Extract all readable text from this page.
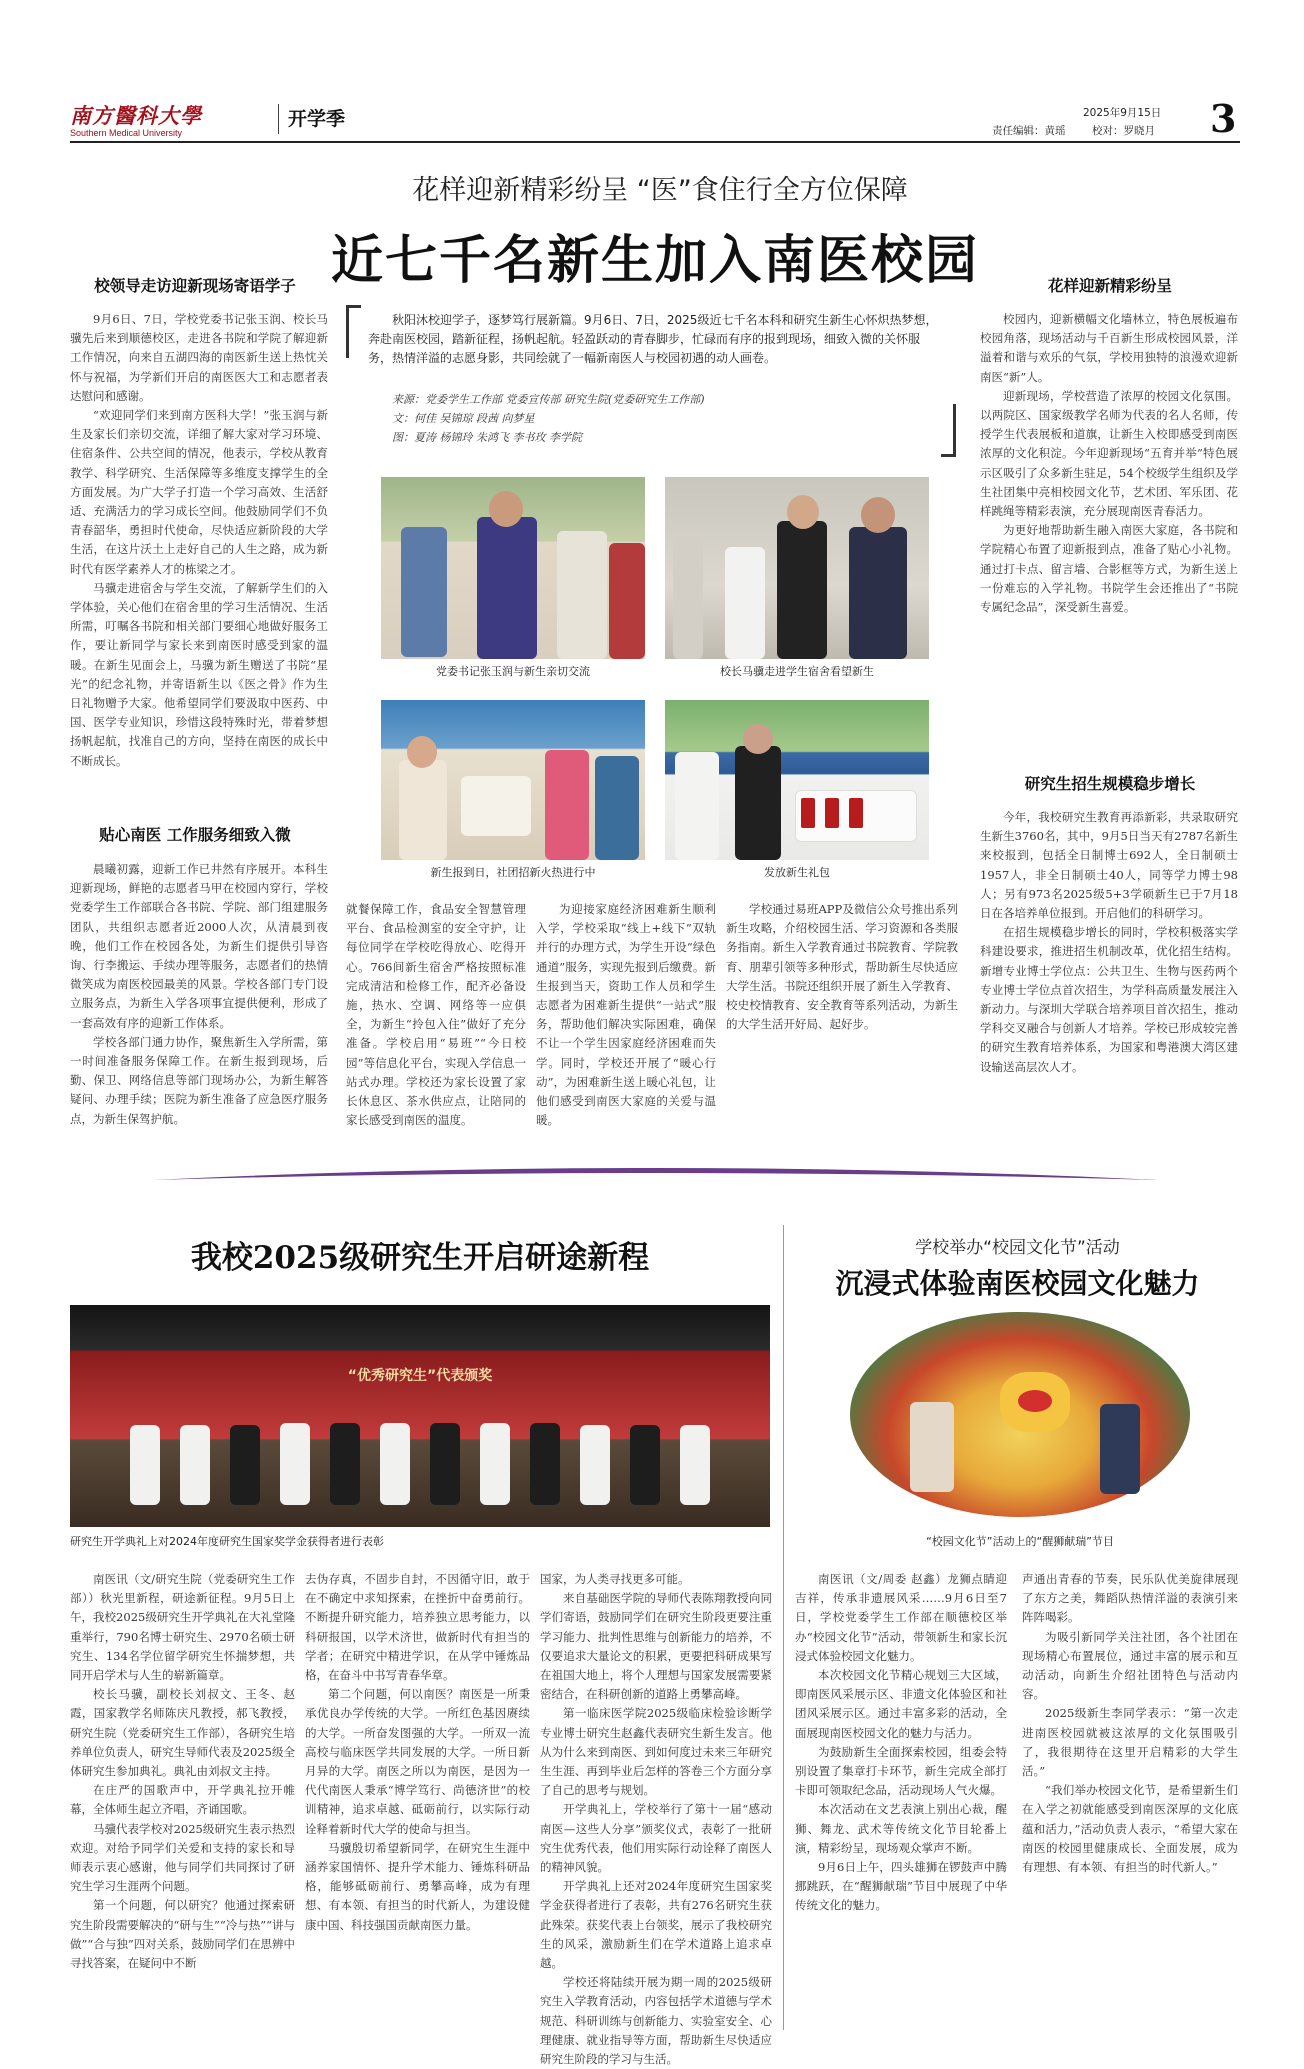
南方醫科大學
Southern Medical University
开学季	2025年9月15日
责任编辑：黄瑶	校对：罗晓月 3
花样迎新精彩纷呈 “医”食住行全方位保障
近七千名新生加入南医校园
校领导走访迎新现场寄语学子

9月6日、7日，学校党委书记张玉润、校长马骥先后来到顺德校区，走进各书院和学院了解迎新工作情况，向来自五湖四海的南医新生送上热忱关怀与祝福，为学新们开启的南医医大工和志愿者表达慰问和感谢。

“欢迎同学们来到南方医科大学！”张玉润与新生及家长们亲切交流，详细了解大家对学习环境、住宿条件、公共空间的情况，他表示，学校从教育教学、科学研究、生活保障等多维度支撑学生的全方面发展。为广大学子打造一个学习高效、生活舒适、充满活力的学习成长空间。他鼓励同学们不负青春韶华，勇担时代使命，尽快适应新阶段的大学生活，在这片沃土上走好自己的人生之路，成为新时代有医学素养人才的栋梁之才。

马骥走进宿舍与学生交流，了解新学生们的入学体验，关心他们在宿舍里的学习生活情况、生活所需，叮嘱各书院和相关部门要细心地做好服务工作，要让新同学与家长来到南医时感受到家的温暖。在新生见面会上，马骥为新生赠送了书院“星光”的纪念礼物，并寄语新生以《医之骨》作为生日礼物赠予大家。他希望同学们要汲取中医药、中国、医学专业知识，珍惜这段特殊时光，带着梦想扬帆起航，找准自己的方向，坚持在南医的成长中不断成长。

贴心南医 工作服务细致入微

晨曦初露，迎新工作已井然有序展开。本科生迎新现场，鲜艳的志愿者马甲在校园内穿行，学校党委学生工作部联合各书院、学院、部门组建服务团队，共组织志愿者近2000人次，从清晨到夜晚，他们工作在校园各处，为新生们提供引导咨询、行李搬运、手续办理等服务，志愿者们的热情微笑成为南医校园最美的风景。学校各部门专门设立服务点，为新生入学各项事宜提供便利，形成了一套高效有序的迎新工作体系。

学校各部门通力协作，聚焦新生入学所需，第一时间准备服务保障工作。在新生报到现场，后勤、保卫、网络信息等部门现场办公，为新生解答疑问、办理手续；医院为新生准备了应急医疗服务点，为新生保驾护航。

秋阳沐校迎学子，逐梦笃行展新篇。9月6日、7日，2025级近七千名本科和研究生新生心怀炽热梦想，奔赴南医校园，踏新征程，扬帆起航。轻盈跃动的青春脚步，忙碌而有序的报到现场，细致入微的关怀服务，热情洋溢的志愿身影，共同绘就了一幅新南医人与校园初遇的动人画卷。
来源：党委学生工作部 党委宣传部 研究生院(党委研究生工作部)
文：何佳 吴锦琼 段茜 向梦星
图：夏涛 杨锦玲 朱鸿飞 李书玫 李学院
党委书记张玉润与新生亲切交流	校长马骥走进学生宿舍看望新生
新生报到日，社团招新火热进行中	发放新生礼包

就餐保障工作，食品安全智慧管理平台、食品检测室的安全守护，让每位同学在学校吃得放心、吃得开心。766间新生宿舍严格按照标准完成清洁和检修工作，配齐必备设施，热水、空调、网络等一应俱全，为新生“拎包入住”做好了充分准备。学校启用“易班”“今日校园”等信息化平台，实现入学信息一站式办理。学校还为家长设置了家长休息区、茶水供应点，让陪同的家长感受到南医的温度。

为迎接家庭经济困难新生顺利入学，学校采取“线上+线下”双轨并行的办理方式，为学生开设“绿色通道”服务，实现先报到后缴费。新生报到当天，资助工作人员和学生志愿者为困难新生提供“一站式”服务，帮助他们解决实际困难，确保不让一个学生因家庭经济困难而失学。同时，学校还开展了“暖心行动”，为困难新生送上暖心礼包，让他们感受到南医大家庭的关爱与温暖。

学校通过易班APP及微信公众号推出系列新生攻略，介绍校园生活、学习资源和各类服务指南。新生入学教育通过书院教育、学院教育、朋辈引领等多种形式，帮助新生尽快适应大学生活。书院还组织开展了新生入学教育、校史校情教育、安全教育等系列活动，为新生的大学生活开好局、起好步。

花样迎新精彩纷呈

校园内，迎新横幅文化墙林立，特色展板遍布校园角落，现场活动与千百新生形成校园风景，洋溢着和谐与欢乐的气氛，学校用独特的浪漫欢迎新南医“新”人。

迎新现场，学校营造了浓厚的校园文化氛围。以两院区、国家级教学名师为代表的名人名师，传授学生代表展板和道旗，让新生入校即感受到南医浓厚的文化积淀。今年迎新现场“五育并举”特色展示区吸引了众多新生驻足，54个校级学生组织及学生社团集中亮相校园文化节，艺术团、军乐团、花样跳绳等精彩表演，充分展现南医青春活力。

为更好地帮助新生融入南医大家庭，各书院和学院精心布置了迎新报到点，准备了贴心小礼物。通过打卡点、留言墙、合影框等方式，为新生送上一份难忘的入学礼物。书院学生会还推出了“书院专属纪念品”，深受新生喜爱。

研究生招生规模稳步增长

今年，我校研究生教育再添新彩，共录取研究生新生3760名，其中，9月5日当天有2787名新生来校报到，包括全日制博士692人，全日制硕士1957人，非全日制硕士40人，同等学力博士98人；另有973名2025级5+3学硕新生已于7月18日在各培养单位报到。开启他们的科研学习。

在招生规模稳步增长的同时，学校积极落实学科建设要求，推进招生机制改革，优化招生结构。新增专业博士学位点：公共卫生、生物与医药两个专业博士学位点首次招生，为学科高质量发展注入新动力。与深圳大学联合培养项目首次招生，推动学科交叉融合与创新人才培养。学校已形成较完善的研究生教育培养体系，为国家和粤港澳大湾区建设输送高层次人才。

我校2025级研究生开启研途新程
“优秀研究生”代表颁奖
研究生开学典礼上对2024年度研究生国家奖学金获得者进行表彰

南医讯（文/研究生院（党委研究生工作部））秋光里新程，研途新征程。9月5日上午，我校2025级研究生开学典礼在大礼堂隆重举行，790名博士研究生、2970名硕士研究生、134名学位留学研究生怀揣梦想，共同开启学术与人生的崭新篇章。

校长马骥，副校长刘叔文、王冬、赵霞，国家教学名师陈庆凡教授，郝飞教授，研究生院（党委研究生工作部），各研究生培养单位负责人，研究生导师代表及2025级全体研究生参加典礼。典礼由刘叔文主持。

在庄严的国歌声中，开学典礼拉开帷幕，全体师生起立齐唱，齐诵国歌。

马骥代表学校对2025级研究生表示热烈欢迎。对给予同学们关爱和支持的家长和导师表示衷心感谢，他与同学们共同探讨了研究生学习生涯两个问题。

第一个问题，何以研究？他通过探索研究生阶段需要解决的“研与生”“冷与热”“讲与做”“合与独”四对关系，鼓励同学们在思辨中寻找答案，在疑问中不断

去伪存真，不固步自封，不因循守旧，敢于在不确定中求知探索，在挫折中奋勇前行。不断提升研究能力，培养独立思考能力，以科研报国，以学术济世，做新时代有担当的学者；在研究中精进学识，在从学中锤炼品格，在奋斗中书写青春华章。

第二个问题，何以南医？南医是一所秉承优良办学传统的大学。一所红色基因赓续的大学。一所奋发图强的大学。一所双一流高校与临床医学共同发展的大学。一所日新月异的大学。南医之所以为南医，是因为一代代南医人秉承“博学笃行、尚德济世”的校训精神，追求卓越、砥砺前行，以实际行动诠释着新时代大学的使命与担当。

马骥殷切希望新同学，在研究生生涯中涵养家国情怀、提升学术能力、锤炼科研品格，能够砥砺前行、勇攀高峰，成为有理想、有本领、有担当的时代新人，为建设健康中国、科技强国贡献南医力量。

学校举办“校园文化节”活动
沉浸式体验南医校园文化魅力
“校园文化节”活动上的“醒狮献瑞”节目

南医讯（文/周委 赵鑫）龙狮点睛迎吉祥，传承非遗展风采……9月6日至7日，学校党委学生工作部在顺德校区举办“校园文化节”活动，带领新生和家长沉浸式体验校园文化魅力。

本次校园文化节精心规划三大区域，即南医风采展示区、非遗文化体验区和社团风采展示区。通过丰富多彩的活动，全面展现南医校园文化的魅力与活力。

为鼓励新生全面探索校园，组委会特别设置了集章打卡环节，新生完成全部打卡即可领取纪念品，活动现场人气火爆。

本次活动在文艺表演上别出心裁，醒狮、舞龙、武术等传统文化节目轮番上演，精彩纷呈，现场观众掌声不断。

9月6日上午，四头雄狮在锣鼓声中腾挪跳跃，在“醒狮献瑞”节目中展现了中华传统文化的魅力。

声通出青春的节奏，民乐队优美旋律展现了东方之美，舞蹈队热情洋溢的表演引来阵阵喝彩。

为吸引新同学关注社团，各个社团在现场精心布置展位，通过丰富的展示和互动活动，向新生介绍社团特色与活动内容。

2025级新生李同学表示：“第一次走进南医校园就被这浓厚的文化氛围吸引了，我很期待在这里开启精彩的大学生活。”

“我们举办校园文化节，是希望新生们在入学之初就能感受到南医深厚的文化底蕴和活力，”活动负责人表示，“希望大家在南医的校园里健康成长、全面发展，成为有理想、有本领、有担当的时代新人。”

国家，为人类寻找更多可能。

来自基础医学院的导师代表陈翔教授向同学们寄语，鼓励同学们在研究生阶段更要注重学习能力、批判性思维与创新能力的培养，不仅要追求大量论文的积累，更要把科研成果写在祖国大地上，将个人理想与国家发展需要紧密结合，在科研创新的道路上勇攀高峰。

第一临床医学院2025级临床检验诊断学专业博士研究生赵鑫代表研究生新生发言。他从为什么来到南医、到如何度过未来三年研究生生涯、再到毕业后怎样的答卷三个方面分享了自己的思考与规划。

开学典礼上，学校举行了第十一届“感动南医—这些人分享”颁奖仪式，表彰了一批研究生优秀代表，他们用实际行动诠释了南医人的精神风貌。

开学典礼上还对2024年度研究生国家奖学金获得者进行了表彰，共有276名研究生获此殊荣。获奖代表上台领奖，展示了我校研究生的风采，激励新生们在学术道路上追求卓越。

学校还将陆续开展为期一周的2025级研究生入学教育活动，内容包括学术道德与学术规范、科研训练与创新能力、实验室安全、心理健康、就业指导等方面，帮助新生尽快适应研究生阶段的学习与生活。
